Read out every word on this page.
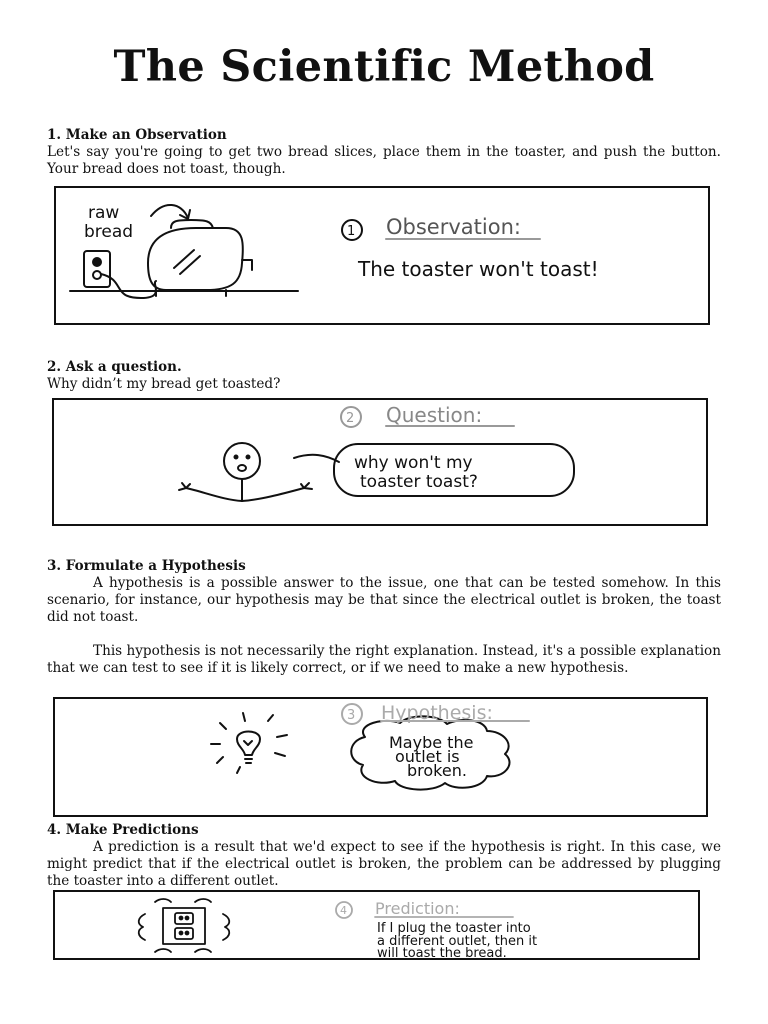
The Scientific Method
1. Make an Observation
Let's say you're going to get two bread slices, place them in the toaster, and push the button. Your bread does not toast, though.
raw
bread	1 Observation:
The toaster won't toast!
2. Ask a question.
Why didn’t my bread get toasted?
2 Question:
why won't my
toaster toast?
3. Formulate a Hypothesis
A hypothesis is a possible answer to the issue, one that can be tested somehow. In this scenario, for instance, our hypothesis may be that since the electrical outlet is broken, the toast did not toast.
This hypothesis is not necessarily the right explanation. Instead, it's a possible explanation that we can test to see if it is likely correct, or if we need to make a new hypothesis.
3 Hypothesis:
Maybe the
outlet is
broken.
4. Make Predictions
A prediction is a result that we'd expect to see if the hypothesis is right. In this case, we might predict that if the electrical outlet is broken, the problem can be addressed by plugging the toaster into a different outlet.
4 Prediction:
If I plug the toaster into
a different outlet, then it
will toast the bread.
